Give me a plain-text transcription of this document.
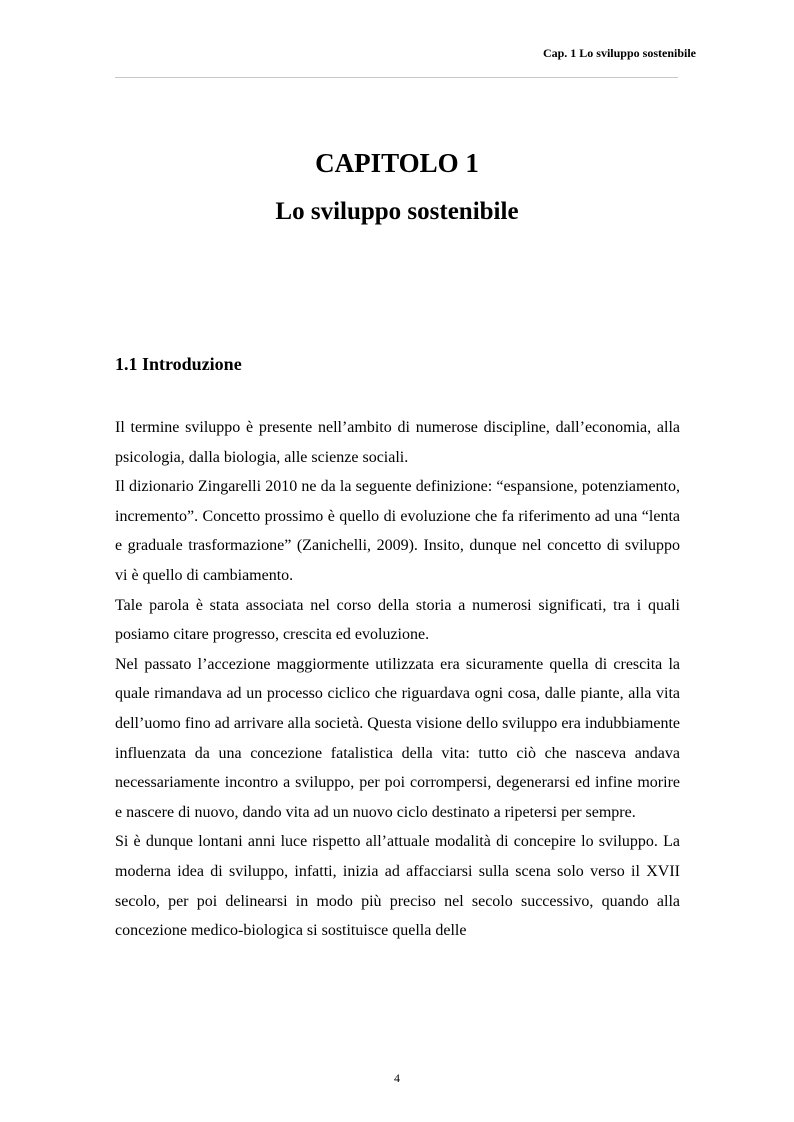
Cap. 1 Lo sviluppo sostenibile
CAPITOLO 1
Lo sviluppo sostenibile
1.1 Introduzione

Il termine sviluppo è presente nell’ambito di numerose discipline, dall’economia, alla psicologia, dalla biologia, alle scienze sociali.

Il dizionario Zingarelli 2010 ne da la seguente definizione: “espansione, potenziamento, incremento”. Concetto prossimo è quello di evoluzione che fa riferimento ad una “lenta e graduale trasformazione” (Zanichelli, 2009). Insito, dunque nel concetto di sviluppo vi è quello di cambiamento.

Tale parola è stata associata nel corso della storia a numerosi significati, tra i quali posiamo citare progresso, crescita ed evoluzione.

Nel passato l’accezione maggiormente utilizzata era sicuramente quella di crescita la quale rimandava ad un processo ciclico che riguardava ogni cosa, dalle piante, alla vita dell’uomo fino ad arrivare alla società. Questa visione dello sviluppo era indubbiamente influenzata da una concezione fatalistica della vita: tutto ciò che nasceva andava necessariamente incontro a sviluppo, per poi corrompersi, degenerarsi ed infine morire e nascere di nuovo, dando vita ad un nuovo ciclo destinato a ripetersi per sempre.

Si è dunque lontani anni luce rispetto all’attuale modalità di concepire lo sviluppo. La moderna idea di sviluppo, infatti, inizia ad affacciarsi sulla scena solo verso il XVII secolo, per poi delinearsi in modo più preciso nel secolo successivo, quando alla concezione medico-biologica si sostituisce quella delle

4
